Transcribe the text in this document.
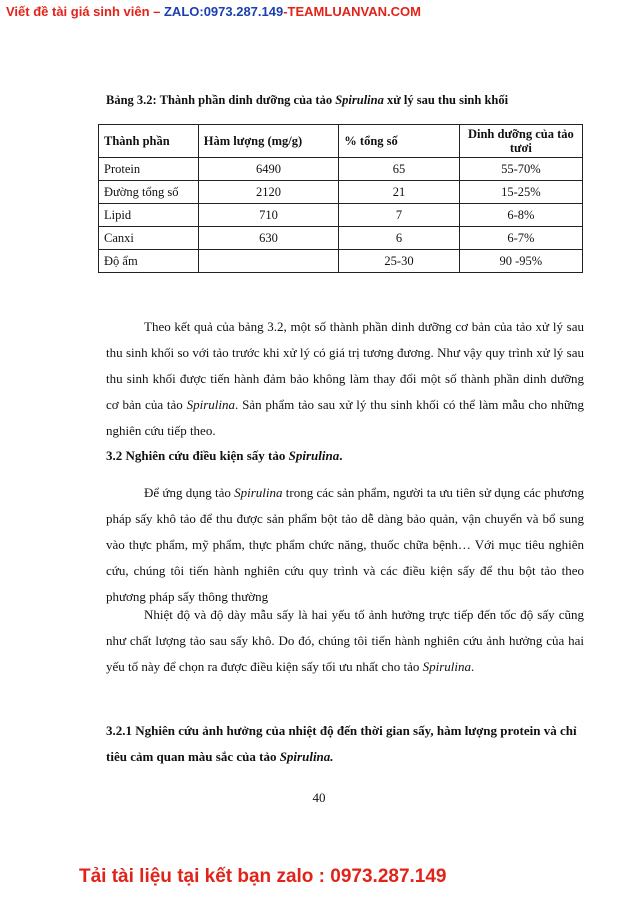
Viết đề tài giá sinh viên – ZALO:0973.287.149-TEAMLUANVAN.COM
Bảng 3.2: Thành phần dinh dưỡng của tảo Spirulina xử lý sau thu sinh khối
Thành phần	Hàm lượng (mg/g)	% tổng số	Dinh dưỡng của tảo tươi
Protein	6490	65	55-70%
Đường tổng số	2120	21	15-25%
Lipid	710	7	6-8%
Canxi	630	6	6-7%
Độ ẩm		25-30	90 -95%
Theo kết quả của bảng 3.2, một số thành phần dinh dưỡng cơ bản của tảo xử lý sau thu sinh khối so với tảo trước khi xử lý có giá trị tương đương. Như vậy quy trình xử lý sau thu sinh khối được tiến hành đảm bảo không làm thay đổi một số thành phần dinh dưỡng cơ bản của tảo Spirulina. Sản phẩm tảo sau xử lý thu sinh khối có thể làm mẫu cho những nghiên cứu tiếp theo.
3.2 Nghiên cứu điều kiện sấy tảo Spirulina.
Để ứng dụng tảo Spirulina trong các sản phẩm, người ta ưu tiên sử dụng các phương pháp sấy khô tảo để thu được sản phẩm bột tảo dễ dàng bảo quản, vận chuyển và bổ sung vào thực phẩm, mỹ phẩm, thực phẩm chức năng, thuốc chữa bệnh… Với mục tiêu nghiên cứu, chúng tôi tiến hành nghiên cứu quy trình và các điều kiện sấy để thu bột tảo theo phương pháp sấy thông thường
Nhiệt độ và độ dày mẫu sấy là hai yếu tố ảnh hưởng trực tiếp đến tốc độ sấy cũng như chất lượng tảo sau sấy khô. Do đó, chúng tôi tiến hành nghiên cứu ảnh hưởng của hai yếu tố này để chọn ra được điều kiện sấy tối ưu nhất cho tảo Spirulina.
3.2.1 Nghiên cứu ảnh hưởng của nhiệt độ đến thời gian sấy, hàm lượng protein và chỉ tiêu cảm quan màu sắc của tảo Spirulina.
40
Tải tài liệu tại kết bạn zalo : 0973.287.149
